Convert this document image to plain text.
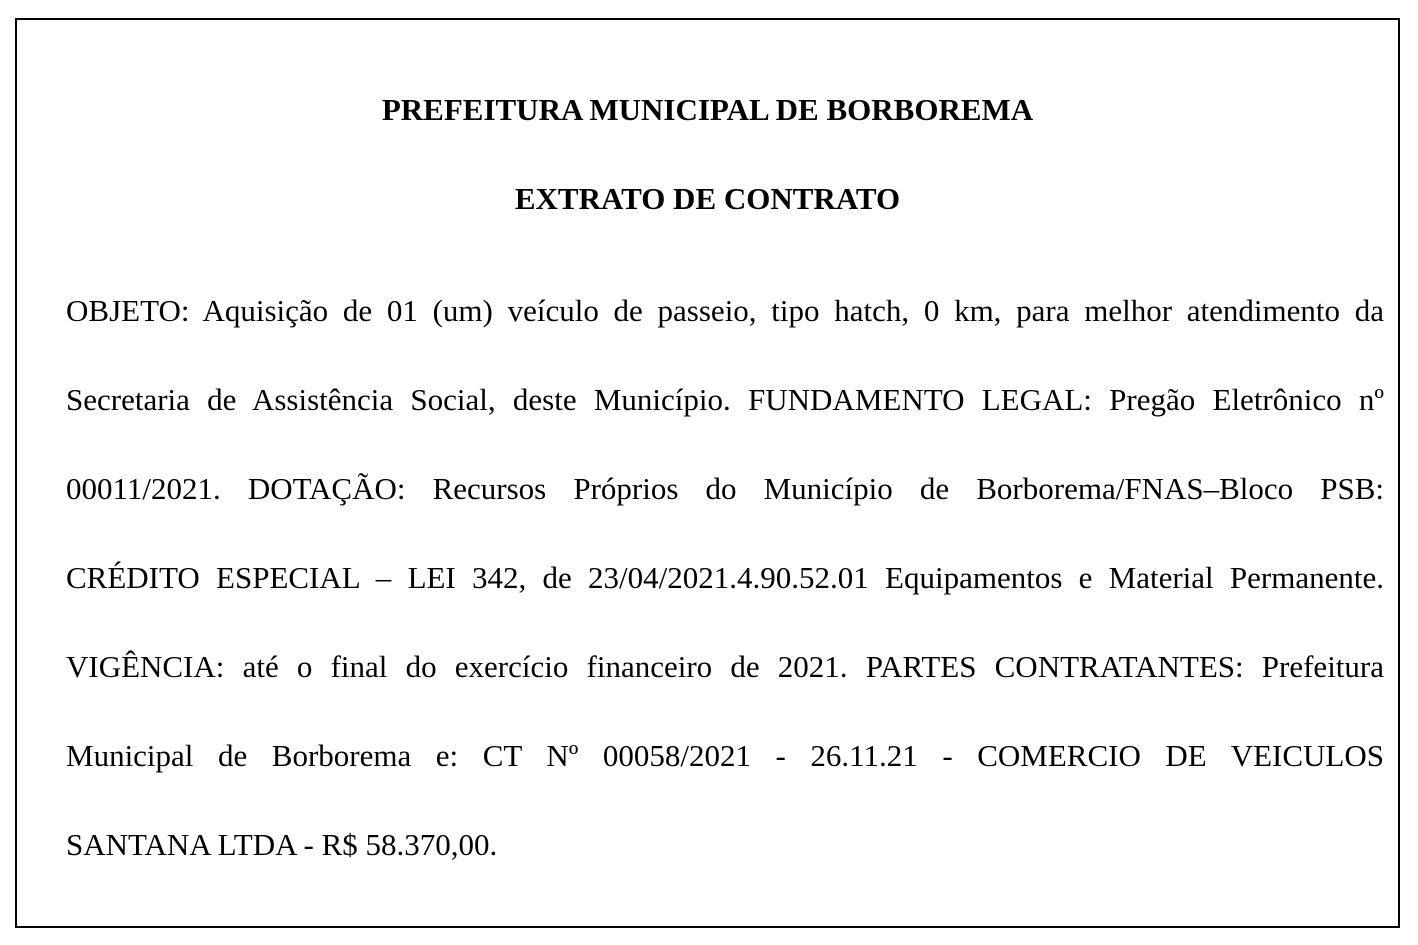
PREFEITURA MUNICIPAL DE BORBOREMA
EXTRATO DE CONTRATO
OBJETO: Aquisição de 01 (um) veículo de passeio, tipo hatch, 0 km, para melhor atendimento da
Secretaria de Assistência Social, deste Município. FUNDAMENTO LEGAL: Pregão Eletrônico nº
00011/2021. DOTAÇÃO: Recursos Próprios do Município de Borborema/FNAS–Bloco PSB:
CRÉDITO ESPECIAL – LEI 342, de 23/04/2021.4.90.52.01 Equipamentos e Material Permanente.
VIGÊNCIA: até o final do exercício financeiro de 2021. PARTES CONTRATANTES: Prefeitura
Municipal de Borborema e: CT Nº 00058/2021 - 26.11.21 - COMERCIO DE VEICULOS
SANTANA LTDA - R$ 58.370,00.
